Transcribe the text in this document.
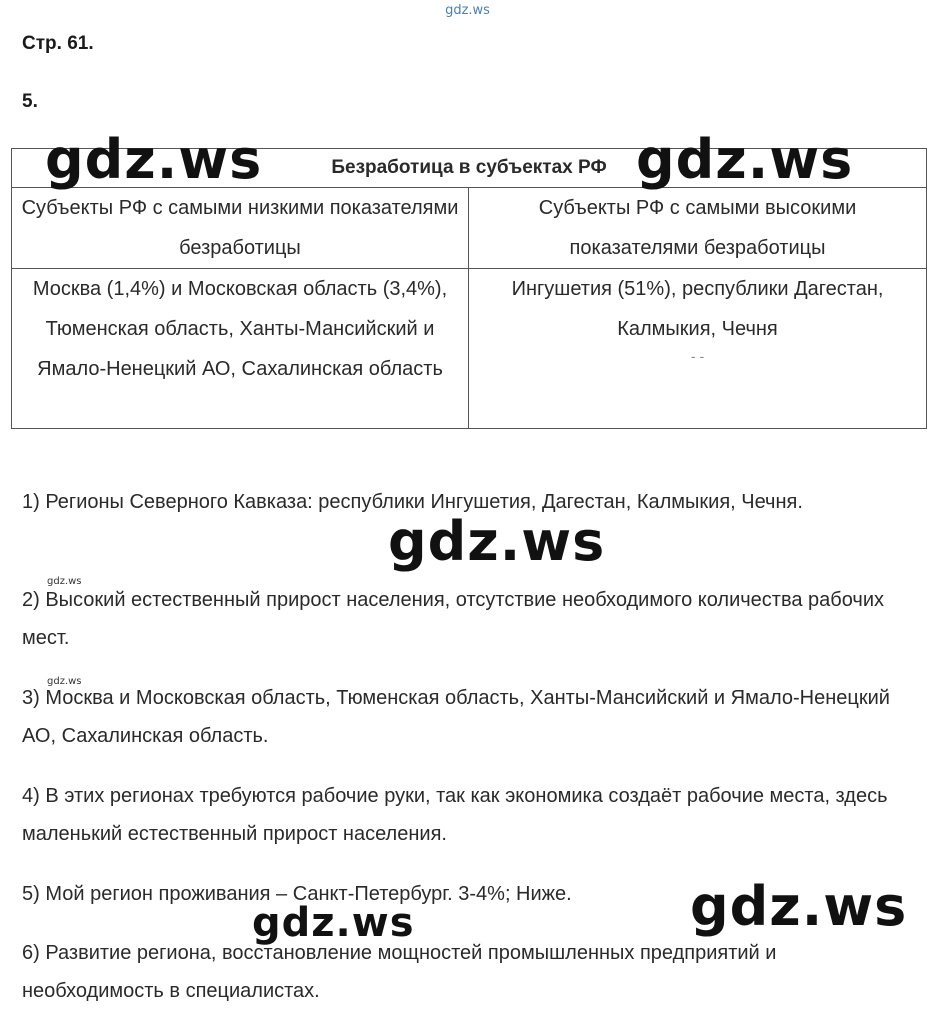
gdz.ws
Стр. 61.
5.
Безработица в субъектах РФ	
Субъекты РФ с самыми низкими показателями безработицы	Субъекты РФ с самыми высокими показателями безработицы
Москва (1,4%) и Московская область (3,4%), Тюменская область, Ханты-Мансийский и Ямало-Ненецкий АО, Сахалинская область	Ингушетия (51%), республики Дагестан, Калмыкия, Чечня
- -
1) Регионы Северного Кавказа: республики Ингушетия, Дагестан, Калмыкия, Чечня.
2) Высокий естественный прирост населения, отсутствие необходимого количества рабочих мест.
3) Москва и Московская область, Тюменская область, Ханты-Мансийский и Ямало-Ненецкий АО, Сахалинская область.
4) В этих регионах требуются рабочие руки, так как экономика создаёт рабочие места, здесь маленький естественный прирост населения.
5) Мой регион проживания – Санкт-Петербург. 3-4%; Ниже.
6) Развитие региона, восстановление мощностей промышленных предприятий и необходимость в специалистах.
gdz.ws	gdz.ws
gdz.ws
gdz.ws
gdz.ws
gdz.ws
gdz.ws
